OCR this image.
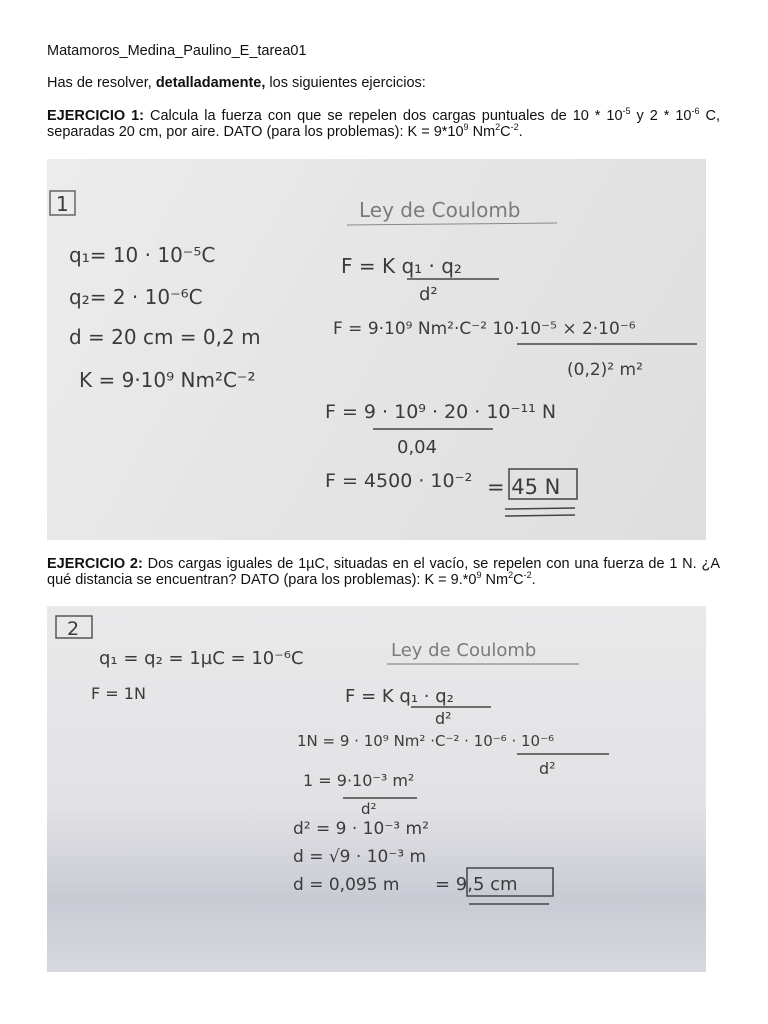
Matamoros_Medina_Paulino_E_tarea01
Has de resolver, detalladamente, los siguientes ejercicios:
EJERCICIO 1: Calcula la fuerza con que se repelen dos cargas puntuales de $10 * 10^{-5}$ y $2 * 10^{-6}$ C, separadas 20 cm, por aire. DATO (para los problemas): $K = 9*10^9$ $Nm^2C^{-2}$.
1	Ley de Coulomb
q₁= 10 · 10⁻⁵C
q₂= 2 · 10⁻⁶C
d = 20 cm = 0,2 m
K = 9·10⁹ Nm²C⁻²
F = K q₁ · q₂
d²
F = 9·10⁹ Nm²·C⁻² 10·10⁻⁵ × 2·10⁻⁶
(0,2)² m²
F = 9 · 10⁹ · 20 · 10⁻¹¹ N
0,04
F = 4500 · 10⁻² = 45 N
EJERCICIO 2: Dos cargas iguales de 1µC, situadas en el vacío, se repelen con una fuerza de 1 N. ¿A qué distancia se encuentran? DATO (para los problemas): $K = 9.*0^9$ $Nm^2C^{-2}$.
2
q₁ = q₂ = 1µC = 10⁻⁶C
F = 1N
Ley de Coulomb
F = K q₁ · q₂
d²
1N = 9 · 10⁹ Nm² ·C⁻² · 10⁻⁶ · 10⁻⁶
d²
1 = 9·10⁻³ m²
d²
d² = 9 · 10⁻³ m²
d = √9 · 10⁻³ m
d = 0,095 m = 9,5 cm
